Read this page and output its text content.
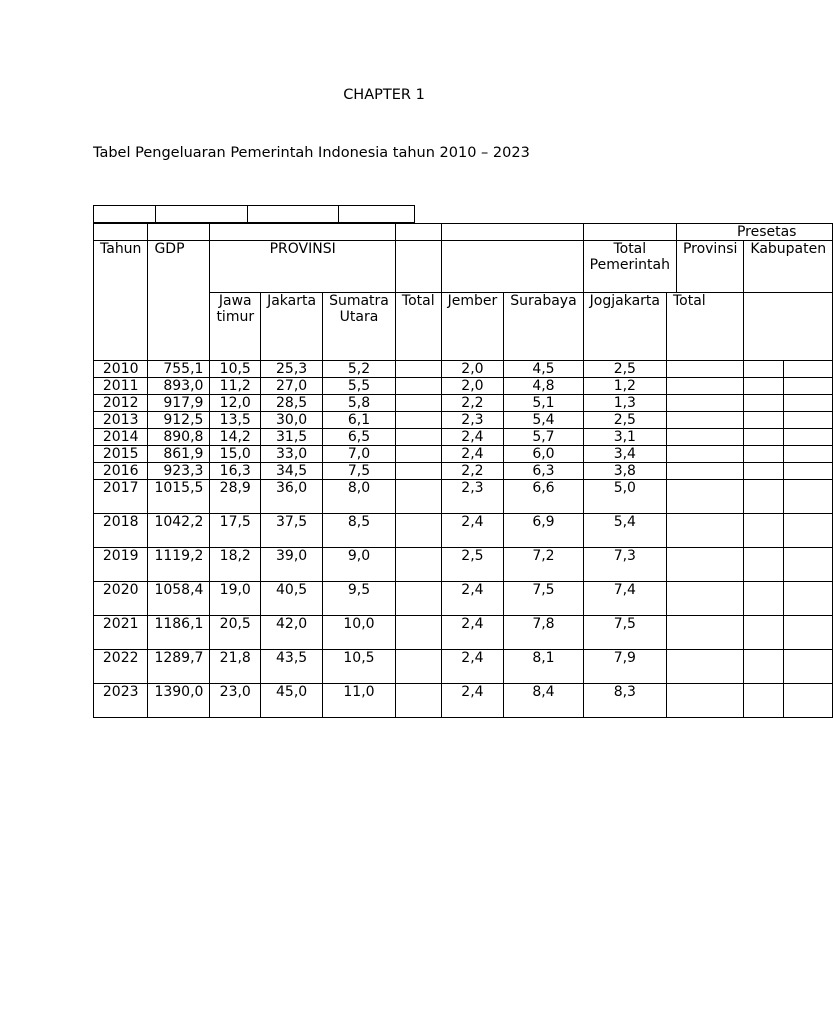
CHAPTER 1
Tabel Pengeluaran Pemerintah Indonesia tahun 2010 – 2023

										Presetas		
Tahun	GDP	PROVINSI						Total Pemerintah		Provinsi	Kabupaten	
		Jawa timur	Jakarta	Sumatra Utara	Total	Jember	Surabaya	Jogjakarta	Total			
2010	755,1	10,5	25,3	5,2		2,0	4,5	2,5				
2011	893,0	11,2	27,0	5,5		2,0	4,8	1,2				
2012	917,9	12,0	28,5	5,8		2,2	5,1	1,3				
2013	912,5	13,5	30,0	6,1		2,3	5,4	2,5				
2014	890,8	14,2	31,5	6,5		2,4	5,7	3,1				
2015	861,9	15,0	33,0	7,0		2,4	6,0	3,4				
2016	923,3	16,3	34,5	7,5		2,2	6,3	3,8				
2017	1015,5	28,9	36,0	8,0		2,3	6,6	5,0				
2018	1042,2	17,5	37,5	8,5		2,4	6,9	5,4				
2019	1119,2	18,2	39,0	9,0		2,5	7,2	7,3				
2020	1058,4	19,0	40,5	9,5		2,4	7,5	7,4				
2021	1186,1	20,5	42,0	10,0		2,4	7,8	7,5				
2022	1289,7	21,8	43,5	10,5		2,4	8,1	7,9				
2023	1390,0	23,0	45,0	11,0		2,4	8,4	8,3				
